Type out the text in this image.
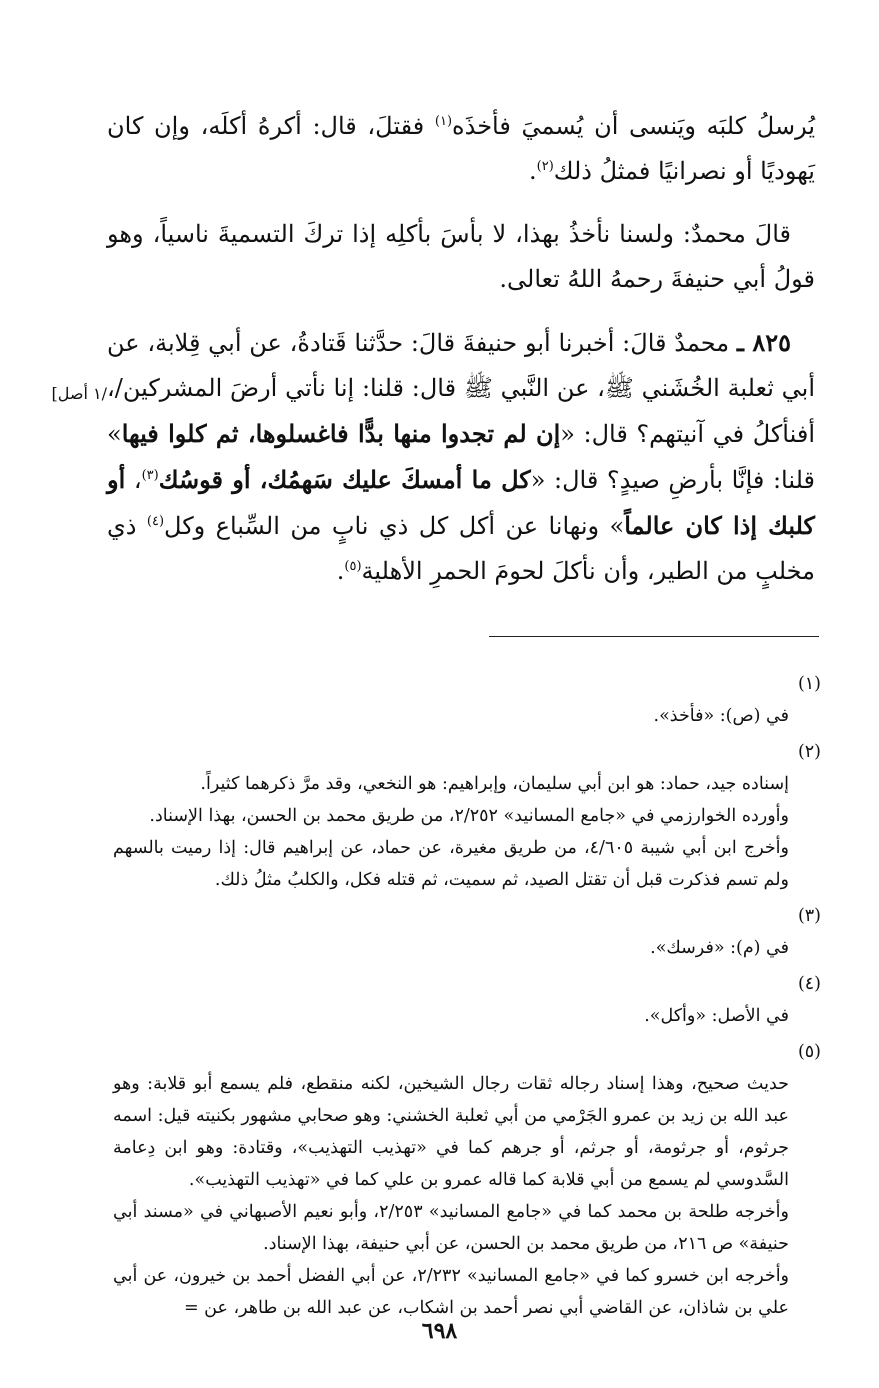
يُرسلُ كلبَه ويَنسى أن يُسميَ فأخذَه$^{(١)}$ فقتلَ، قال: أكرهُ أكلَه، وإن كان يَهوديًا أو نصرانيًا فمثلُ ذلك$^{(٢)}$.

قالَ محمدٌ: ولسنا نأخذُ بهذا، لا بأسَ بأكلِه إذا تركَ التسميةَ ناسياً، وهو قولُ أبي حنيفةَ رحمهُ اللهُ تعالى.

٨٢٥ ـ محمدٌ قالَ: أخبرنا أبو حنيفةَ قالَ: حدَّثنا قَتادةُ، عن أبي قِلابة، عن أبي ثعلبة الخُشَني ﷺ، عن النَّبي ﷺ قال: قلنا: إنا نأتي أرضَ المشركين/، أفنأكلُ في آنيتهم؟ قال: «إن لم تجدوا منها بدًّا فاغسلوها، ثم كلوا فيها» قلنا: فإنَّا بأرضِ صيدٍ؟ قال: «كل ما أمسكَ عليك سَهمُك، أو قوسُك$^{(٣)}$، أو كلبك إذا كان عالماً» ونهانا عن أكل كل ذي نابٍ من السِّباع وكل$^{(٤)}$ ذي مخلبٍ من الطير، وأن نأكلَ لحومَ الحمرِ الأهلية$^{(٥)}$.

/١ أصل]
(١)

في (ص): «فأخذ».

(٢)

إسناده جيد، حماد: هو ابن أبي سليمان، وإبراهيم: هو النخعي، وقد مرَّ ذكرهما كثيراً.

وأورده الخوارزمي في «جامع المسانيد» ٢/٢٥٢، من طريق محمد بن الحسن، بهذا الإسناد.

وأخرج ابن أبي شيبة ٤/٦٠٥، من طريق مغيرة، عن حماد، عن إبراهيم قال: إذا رميت بالسهم ولم تسم فذكرت قبل أن تقتل الصيد، ثم سميت، ثم قتله فكل، والكلبُ مثلُ ذلك.

(٣)

في (م): «فرسك».

(٤)

في الأصل: «وأكل».

(٥)

حديث صحيح، وهذا إسناد رجاله ثقات رجال الشيخين، لكنه منقطع، فلم يسمع أبو قلابة: وهو عبد الله بن زيد بن عمرو الجَرْمي من أبي ثعلبة الخشني: وهو صحابي مشهور بكنيته قيل: اسمه جرثوم، أو جرثومة، أو جرثم، أو جرهم كما في «تهذيب التهذيب»، وقتادة: وهو ابن دِعامة السَّدوسي لم يسمع من أبي قلابة كما قاله عمرو بن علي كما في «تهذيب التهذيب».

وأخرجه طلحة بن محمد كما في «جامع المسانيد» ٢/٢٥٣، وأبو نعيم الأصبهاني في «مسند أبي حنيفة» ص ٢١٦، من طريق محمد بن الحسن، عن أبي حنيفة، بهذا الإسناد.

وأخرجه ابن خسرو كما في «جامع المسانيد» ٢/٢٣٢، عن أبي الفضل أحمد بن خيرون، عن أبي علي بن شاذان، عن القاضي أبي نصر أحمد بن اشكاب، عن عبد الله بن طاهر، عن =

٦٩٨
